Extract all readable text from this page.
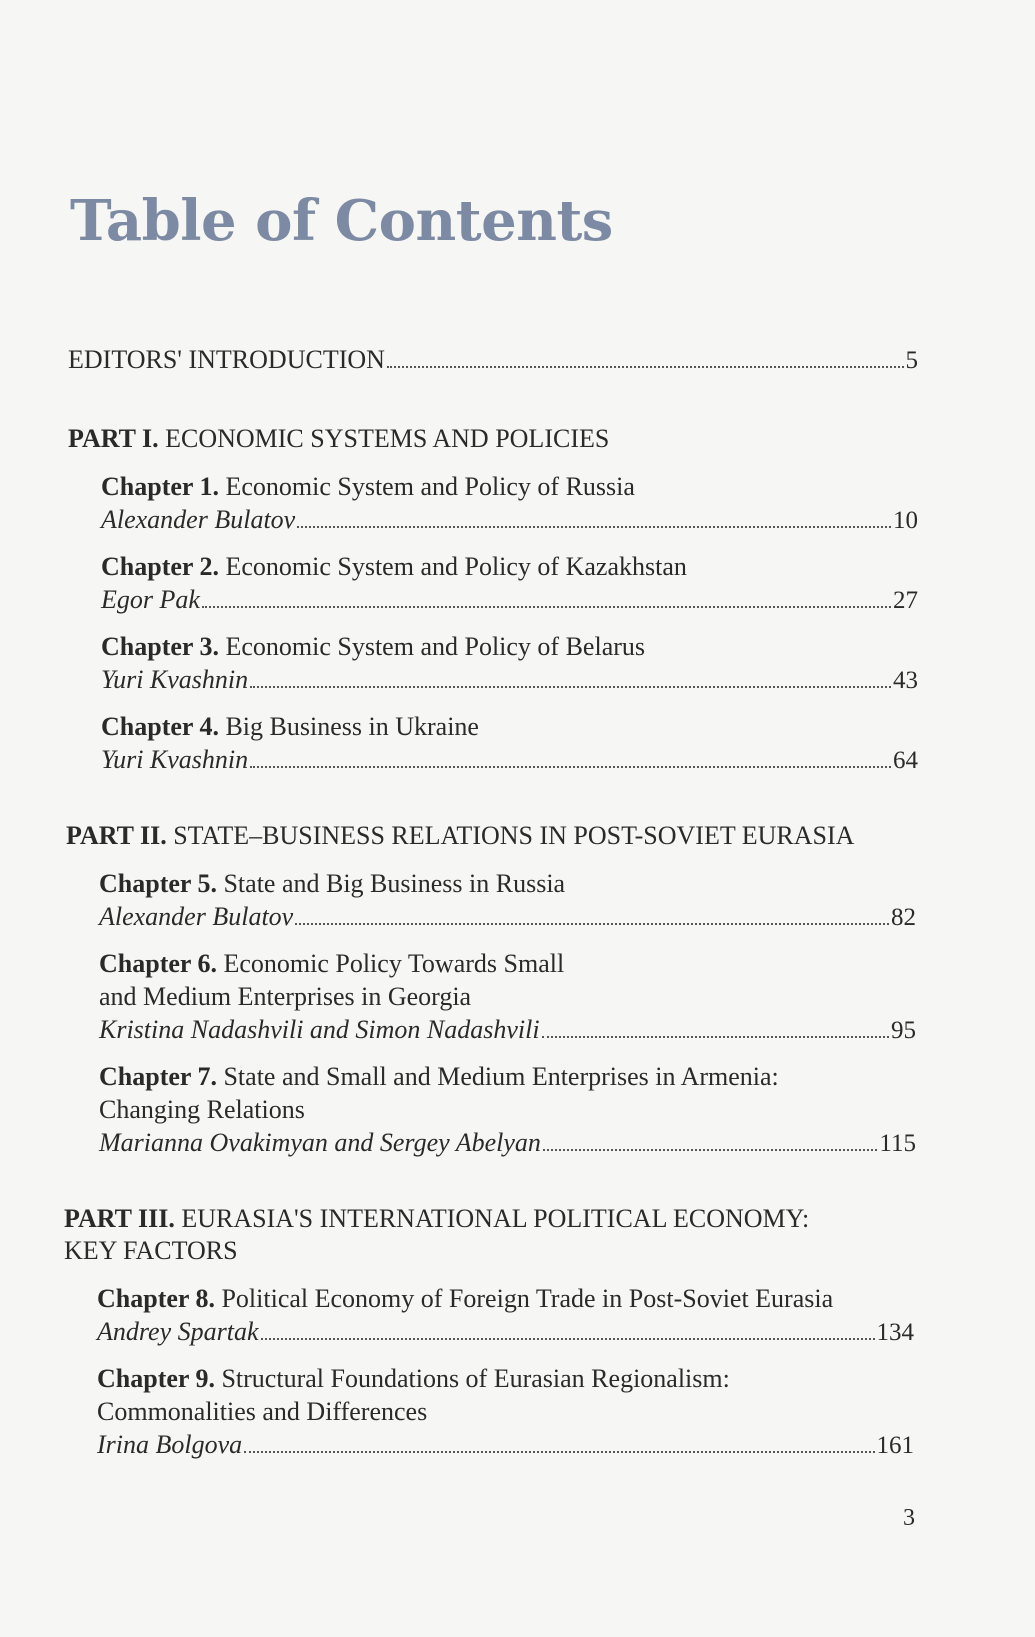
Table of Contents
EDITORS' INTRODUCTION	5
PART I. ECONOMIC SYSTEMS AND POLICIES
Chapter 1. Economic System and Policy of Russia
Alexander Bulatov	10
Chapter 2. Economic System and Policy of Kazakhstan
Egor Pak	27
Chapter 3. Economic System and Policy of Belarus
Yuri Kvashnin	43
Chapter 4. Big Business in Ukraine
Yuri Kvashnin	64
PART II. STATE–BUSINESS RELATIONS IN POST-SOVIET EURASIA
Chapter 5. State and Big Business in Russia
Alexander Bulatov	82
Chapter 6. Economic Policy Towards Small
and Medium Enterprises in Georgia
Kristina Nadashvili and Simon Nadashvili	95
Chapter 7. State and Small and Medium Enterprises in Armenia:
Changing Relations
Marianna Ovakimyan and Sergey Abelyan	115
PART III. EURASIA'S INTERNATIONAL POLITICAL ECONOMY:
KEY FACTORS
Chapter 8. Political Economy of Foreign Trade in Post-Soviet Eurasia
Andrey Spartak	134
Chapter 9. Structural Foundations of Eurasian Regionalism:
Commonalities and Differences
Irina Bolgova	161
3
